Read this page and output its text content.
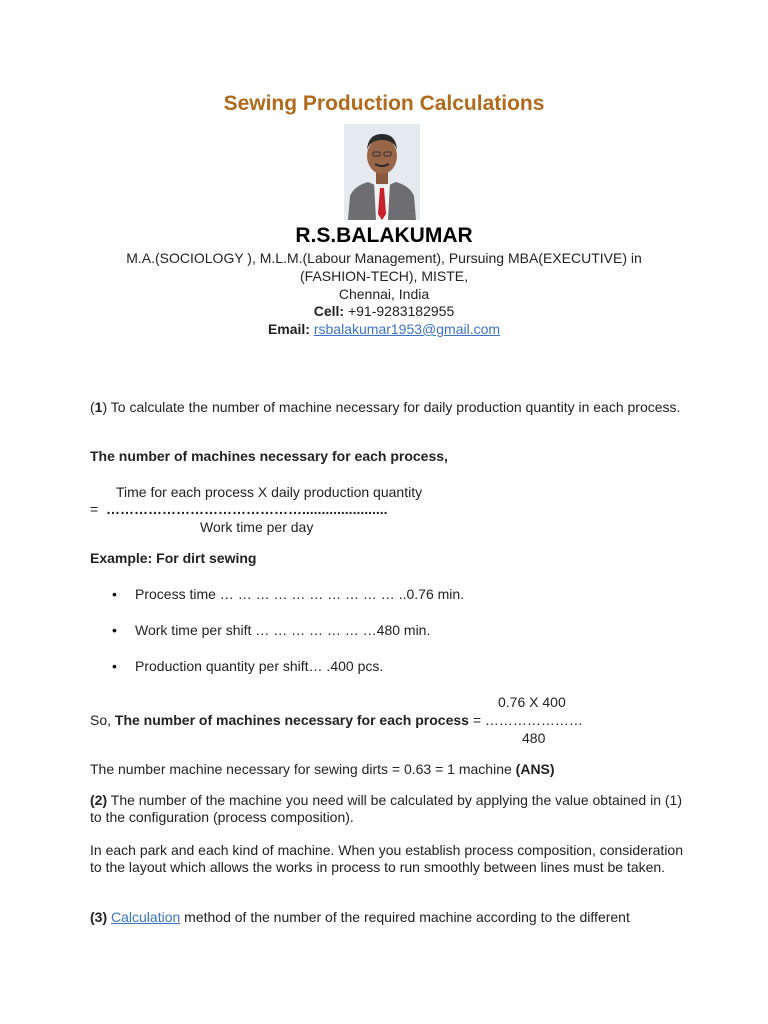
Sewing Production Calculations
R.S.BALAKUMAR
M.A.(SOCIOLOGY ), M.L.M.(Labour Management), Pursuing MBA(EXECUTIVE) in
(FASHION-TECH), MISTE,
Chennai, India
Cell: +91-9283182955
Email: rsbalakumar1953@gmail.com
(1) To calculate the number of machine necessary for daily production quantity in each process.
The number of machines necessary for each process,
Time for each process X daily production quantity
= ……………………………………......................
Work time per day
Example: For dirt sewing
• Process time … … … … … … … … … … ..0.76 min.
• Work time per shift … … … … … … …480 min.
• Production quantity per shift… .400 pcs.
0.76 X 400
So, The number of machines necessary for each process = …………………
480
The number machine necessary for sewing dirts = 0.63 = 1 machine (ANS)
(2) The number of the machine you need will be calculated by applying the value obtained in (1) to the configuration (process composition).
In each park and each kind of machine. When you establish process composition, consideration to the layout which allows the works in process to run smoothly between lines must be taken.
(3) Calculation method of the number of the required machine according to the different
